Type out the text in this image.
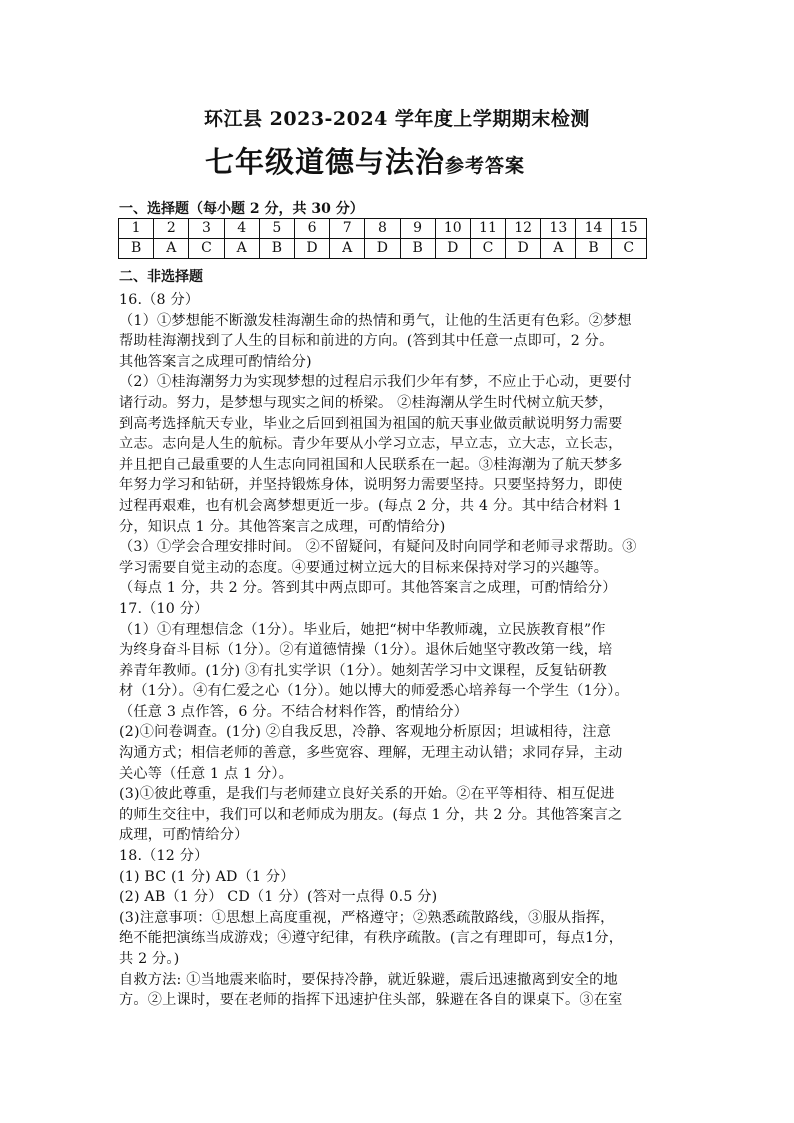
环江县 2023-2024 学年度上学期期末检测
七年级道德与法治参考答案
一、选择题（每小题 2 分，共 30 分）
1	2	3	4	5	6	7	8	9	10	11	12	13	14	15
B	A	C	A	B	D	A	D	B	D	C	D	A	B	C
二、非选择题

16.（8 分）

（1）①梦想能不断激发桂海潮生命的热情和勇气，让他的生活更有色彩。②梦想

帮助桂海潮找到了人生的目标和前进的方向。(答到其中任意一点即可，2 分。

其他答案言之成理可酌情给分)

（2）①桂海潮努力为实现梦想的过程启示我们少年有梦，不应止于心动，更要付

诸行动。努力，是梦想与现实之间的桥梁。 ②桂海潮从学生时代树立航天梦，

到高考选择航天专业，毕业之后回到祖国为祖国的航天事业做贡献说明努力需要

立志。志向是人生的航标。青少年要从小学习立志，早立志，立大志，立长志，

并且把自己最重要的人生志向同祖国和人民联系在一起。③桂海潮为了航天梦多

年努力学习和钻研，并坚持锻炼身体，说明努力需要坚持。只要坚持努力，即使

过程再艰难，也有机会离梦想更近一步。(每点 2 分，共 4 分。其中结合材料 1

分，知识点 1 分。其他答案言之成理，可酌情给分)

（3）①学会合理安排时间。 ②不留疑问，有疑问及时向同学和老师寻求帮助。③

学习需要自觉主动的态度。④要通过树立远大的目标来保持对学习的兴趣等。

（每点 1 分，共 2 分。答到其中两点即可。其他答案言之成理，可酌情给分）

17.（10 分）

（1）①有理想信念（1分）。毕业后，她把“树中华教师魂，立民族教育根”作

为终身奋斗目标（1分）。②有道德情操（1分）。退休后她坚守教改第一线，培

养青年教师。(1分) ③有扎实学识（1分）。她刻苦学习中文课程，反复钻研教

材（1分）。④有仁爱之心（1分）。她以博大的师爱悉心培养每一个学生（1分）。

（任意 3 点作答，6 分。不结合材料作答，酌情给分）

(2)①问卷调查。(1分) ②自我反思，冷静、客观地分析原因；坦诚相待，注意

沟通方式；相信老师的善意，多些宽容、理解，无理主动认错；求同存异，主动

关心等（任意 1 点 1 分）。

(3)①彼此尊重，是我们与老师建立良好关系的开始。②在平等相待、相互促进

的师生交往中，我们可以和老师成为朋友。(每点 1 分，共 2 分。其他答案言之

成理，可酌情给分）

18.（12 分）

(1) BC (1 分) AD（1 分）

(2) AB（1 分） CD（1 分）(答对一点得 0.5 分)

(3)注意事项：①思想上高度重视，严格遵守；②熟悉疏散路线，③服从指挥，

绝不能把演练当成游戏；④遵守纪律，有秩序疏散。(言之有理即可，每点1分，

共 2 分。)

自救方法: ①当地震来临时，要保持冷静，就近躲避，震后迅速撤离到安全的地

方。②上课时，要在老师的指挥下迅速护住头部，躲避在各自的课桌下。③在室
